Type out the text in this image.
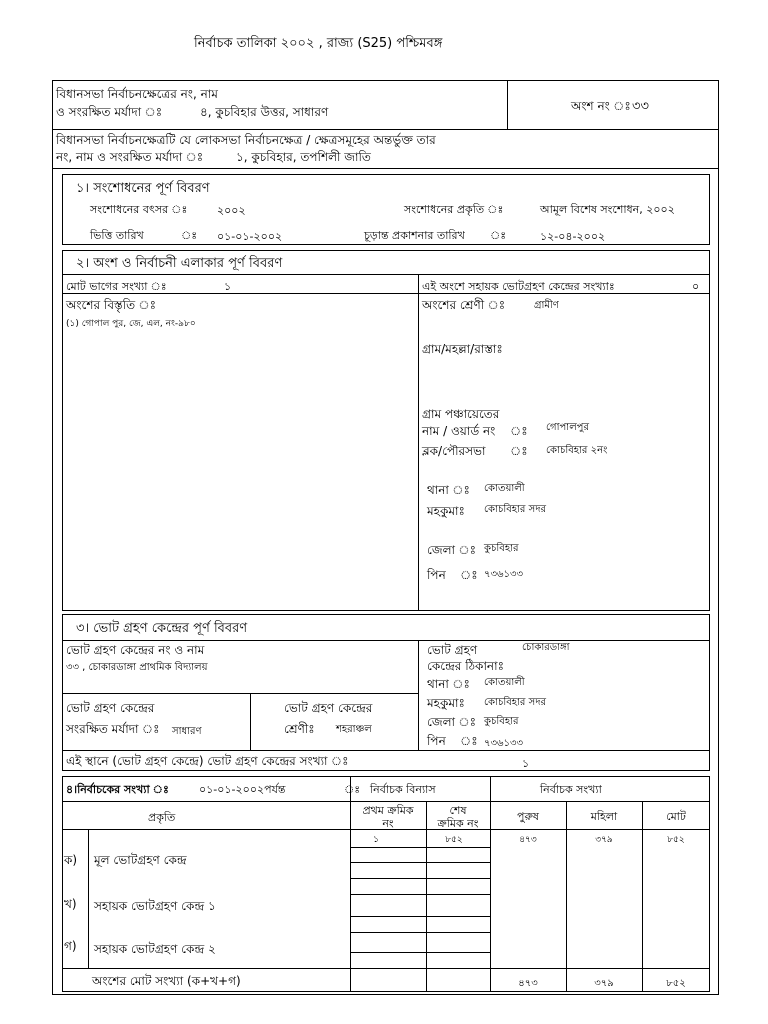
নির্বাচক তালিকা ২০০২ , রাজ্য (S25) পশ্চিমবঙ্গ
বিধানসভা নির্বাচনক্ষেত্রের নং, নাম
ও সংরক্ষিত মর্যাদা ঃ	৪, কুচবিহার উত্তর, সাধারণ	অংশ নং ঃ ৩৩
বিধানসভা নির্বাচনক্ষেত্রটি যে লোকসভা নির্বাচনক্ষেত্র / ক্ষেত্রসমূহের অন্তর্ভুক্ত তার
নং, নাম ও সংরক্ষিত মর্যাদা ঃ	১, কুচবিহার, তপশিলী জাতি
১। সংশোধনের পূর্ণ বিবরণ
সংশোধনের বৎসর ঃ	২০০২	সংশোধনের প্রকৃতি ঃ	আমূল বিশেষ সংশোধন, ২০০২
ভিত্তি তারিখ	ঃ ০১-০১-২০০২	চূড়ান্ত প্রকাশনার তারিখ ঃ	১২-০৪-২০০২
২। অংশ ও নির্বাচনী এলাকার পূর্ণ বিবরণ
মোট ভাগের সংখ্যা ঃ	১	এই অংশে সহায়ক ভোটগ্রহণ কেন্দ্রের সংখ্যাঃ	০
অংশের বিস্তৃতি ঃ
(১) গোপাল পুর, জে, এল, নং-৯৮০
অংশের শ্রেণী ঃ	গ্রামীণ
গ্রাম/মহল্লা/রাস্তাঃ
গ্রাম পঞ্চায়েতের
নাম / ওয়ার্ড নং ঃ গোপালপুর
ব্লক/পৌরসভা ঃ কোচবিহার ২নং
থানা ঃ কোতয়ালী
মহকুমাঃ কোচবিহার সদর
জেলা ঃ কুচবিহার
পিন ঃ ৭৩৬১৩৩
৩। ভোট গ্রহণ কেন্দ্রের পূর্ণ বিবরণ
ভোট গ্রহণ কেন্দ্রের নং ও নাম
৩৩ , চোকারডাঙ্গা প্রাথমিক বিদ্যালয়
ভোট গ্রহণ
কেন্দ্রের ঠিকানাঃ
চোকারডাঙ্গা
থানা ঃ কোতয়ালী
মহকুমাঃ কোচবিহার সদর
জেলা ঃ কুচবিহার
পিন ঃ ৭৩৬১৩৩
ভোট গ্রহণ কেন্দ্রের
সংরক্ষিত মর্যাদা ঃ সাধারণ
ভোট গ্রহণ কেন্দ্রের
শ্রেণীঃ শহরাঞ্চল
এই স্থানে (ভোট গ্রহণ কেন্দ্রে) ভোট গ্রহণ কেন্দ্রের সংখ্যা ঃ	১
৪।নির্বাচকের সংখ্যা ঃ	০১-০১-২০০২পর্যন্ত	ঃ নির্বাচক বিন্যাস	নির্বাচক সংখ্যা
প্রকৃতি
প্রথম ক্রমিক
নং
শেষ
ক্রমিক নং
পুরুষ	মহিলা	মোট
ক) মূল ভোটগ্রহণ কেন্দ্র
১	৮৫২	৪৭৩	৩৭৯	৮৫২
খ) সহায়ক ভোটগ্রহণ কেন্দ্র ১
গ) সহায়ক ভোটগ্রহণ কেন্দ্র ২
অংশের মোট সংখ্যা (ক+খ+গ)	৪৭৩	৩৭৯	৮৫২
